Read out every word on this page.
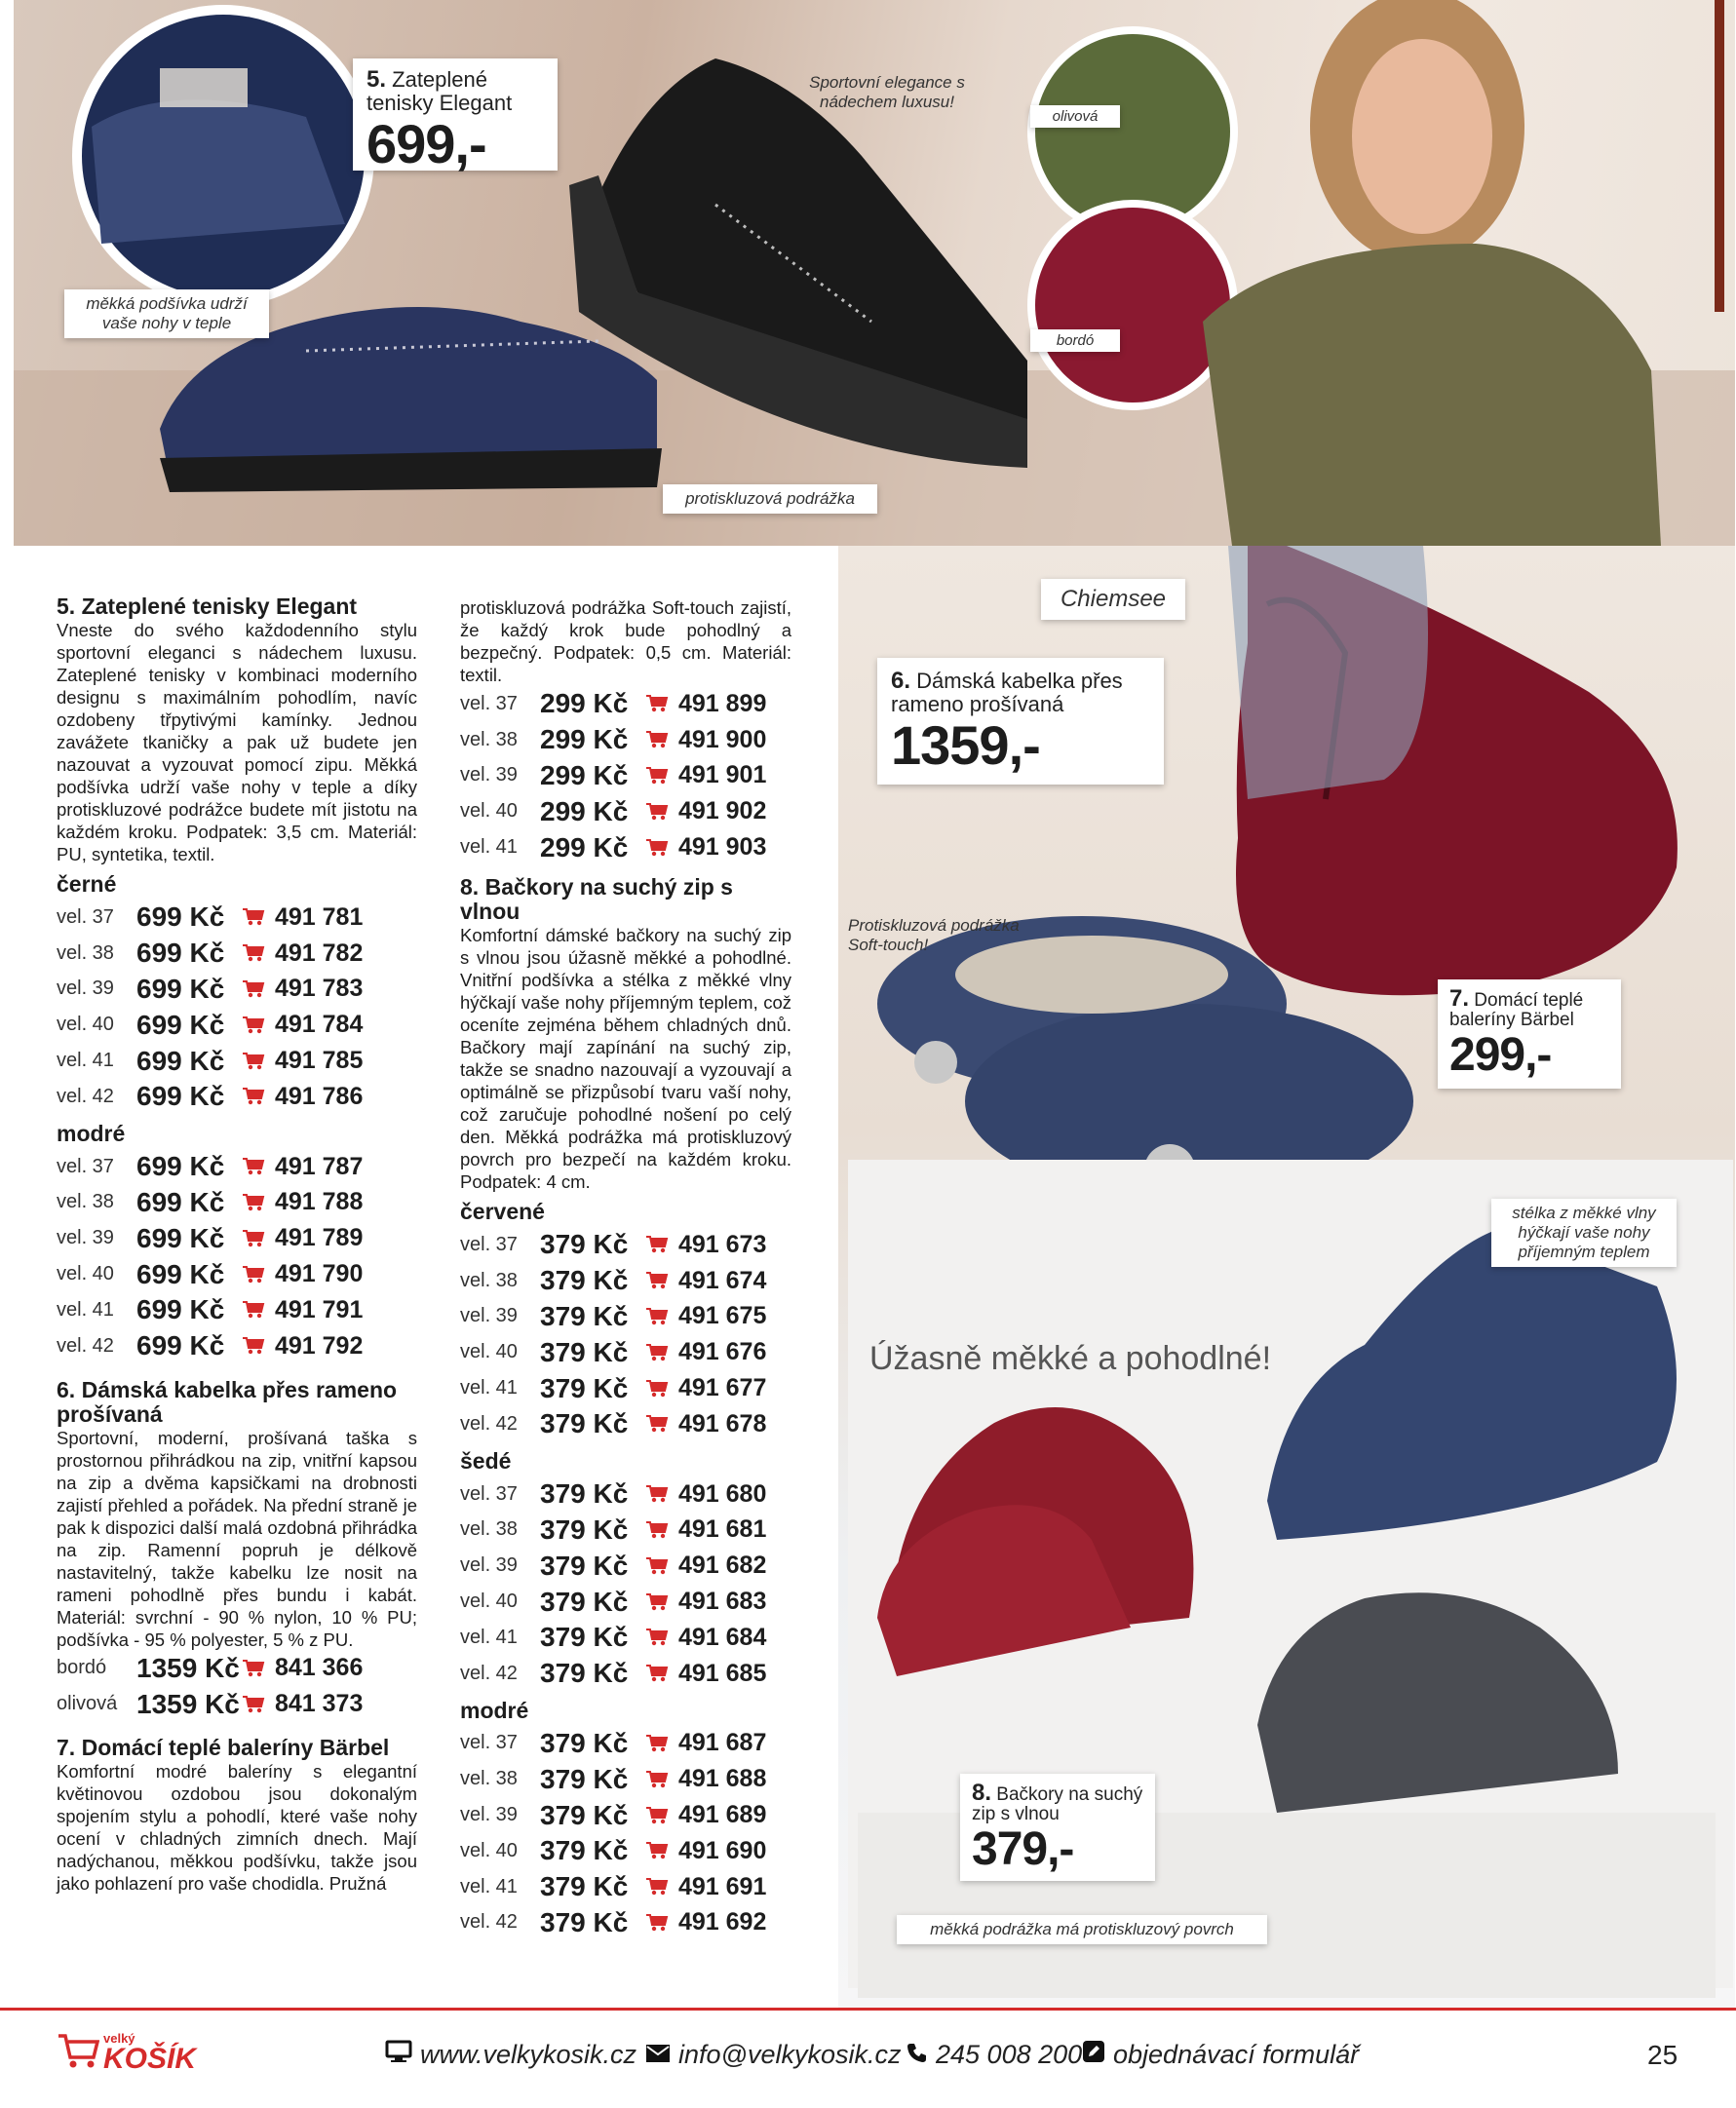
5. Zateplené tenisky Elegant
699,-
měkká podšívka udrží vaše nohy v teple
Sportovní elegance s nádechem luxusu!
protiskluzová podrážka
olivová
bordó
Chiemsee
6. Dámská kabelka přes rameno prošívaná
1359,-
7. Domácí teplé baleríny Bärbel
299,-
8. Bačkory na suchý zip s vlnou
379,-
Protiskluzová podrážka Soft-touch!
stélka z měkké vlny hýčkají vaše nohy příjemným teplem
Úžasně měkké a pohodlné!
měkká podrážka má protiskluzový povrch
5. Zateplené tenisky Elegant
Vneste do svého každodenního stylu sportovní eleganci s nádechem luxusu. Zateplené tenisky v kombinaci moderního designu s maximálním pohodlím, navíc ozdobeny třpytivými kamínky. Jednou zavážete tkaničky a pak už budete jen nazouvat a vyzouvat pomocí zipu. Měkká podšívka udrží vaše nohy v teple a díky protiskluzové podrážce budete mít jistotu na každém kroku. Podpatek: 3,5 cm. Materiál: PU, syntetika, textil.
černé
vel. 37 699 Kč	491 781
vel. 38 699 Kč	491 782
vel. 39 699 Kč	491 783
vel. 40 699 Kč	491 784
vel. 41 699 Kč	491 785
vel. 42 699 Kč	491 786
modré
vel. 37 699 Kč	491 787
vel. 38 699 Kč	491 788
vel. 39 699 Kč	491 789
vel. 40 699 Kč	491 790
vel. 41 699 Kč	491 791
vel. 42 699 Kč	491 792
6. Dámská kabelka přes rameno prošívaná
Sportovní, moderní, prošívaná taška s prostornou přihrádkou na zip, vnitřní kapsou na zip a dvěma kapsičkami na drobnosti zajistí přehled a pořádek. Na přední straně je pak k dispozici další malá ozdobná přihrádka na zip. Ramenní popruh je délkově nastavitelný, takže kabelku lze nosit na rameni pohodlně přes bundu i kabát. Materiál: svrchní - 90 % nylon, 10 % PU; podšívka - 95 % polyester, 5 % z PU.
bordó	1359 Kč 841 366
olivová 1359 Kč 841 373
7. Domácí teplé baleríny Bärbel
Komfortní modré baleríny s elegantní květinovou ozdobou jsou dokonalým spojením stylu a pohodlí, které vaše nohy ocení v chladných zimních dnech. Mají nadýchanou, měkkou podšívku, takže jsou jako pohlazení pro vaše chodidla. Pružná
protiskluzová podrážka Soft-touch zajistí, že každý krok bude pohodlný a bezpečný. Podpatek: 0,5 cm. Materiál: textil.
vel. 37 299 Kč	491 899
vel. 38 299 Kč	491 900
vel. 39 299 Kč	491 901
vel. 40 299 Kč	491 902
vel. 41 299 Kč	491 903
8. Bačkory na suchý zip s vlnou
Komfortní dámské bačkory na suchý zip s vlnou jsou úžasně měkké a pohodlné. Vnitřní podšívka a stélka z měkké vlny hýčkají vaše nohy příjemným teplem, což oceníte zejména během chladných dnů. Bačkory mají zapínání na suchý zip, takže se snadno nazouvají a vyzouvají a optimálně se přizpůsobí tvaru vaší nohy, což zaručuje pohodlné nošení po celý den. Měkká podrážka má protiskluzový povrch pro bezpečí na každém kroku. Podpatek: 4 cm.
červené
vel. 37 379 Kč	491 673
vel. 38 379 Kč	491 674
vel. 39 379 Kč	491 675
vel. 40 379 Kč	491 676
vel. 41 379 Kč	491 677
vel. 42 379 Kč	491 678
šedé
vel. 37 379 Kč	491 680
vel. 38 379 Kč	491 681
vel. 39 379 Kč	491 682
vel. 40 379 Kč	491 683
vel. 41 379 Kč	491 684
vel. 42 379 Kč	491 685
modré
vel. 37 379 Kč	491 687
vel. 38 379 Kč	491 688
vel. 39 379 Kč	491 689
vel. 40 379 Kč	491 690
vel. 41 379 Kč	491 691
vel. 42 379 Kč	491 692
velký
KOŠÍK	www.velkykosik.cz info@velkykosik.cz 245 008 200 objednávací formulář	25
